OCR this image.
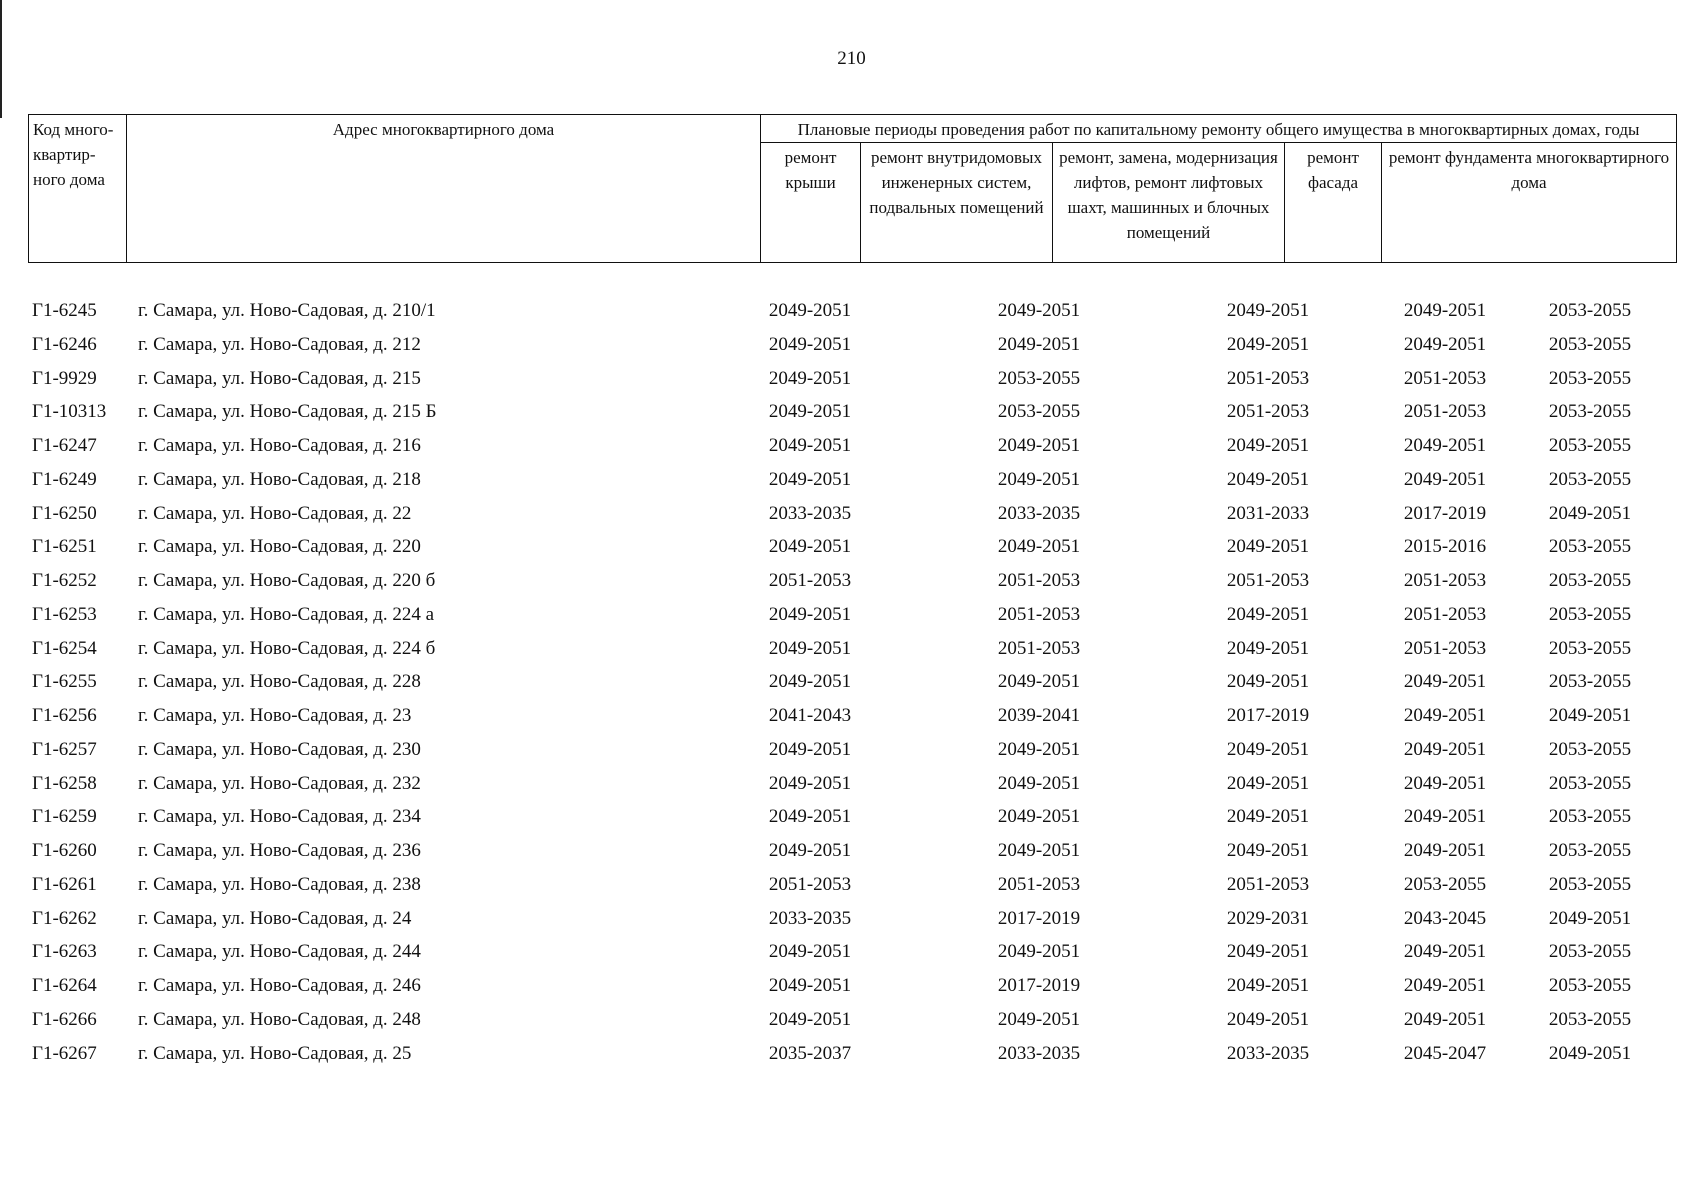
210
Код много-квартир-ного дома	Адрес многоквартирного дома	Плановые периоды проведения работ по капитальному ремонту общего имущества в многоквартирных домах, годы				
		ремонт крыши	ремонт внутридомовых инженерных систем, подвальных помещений	ремонт, замена, модернизация лифтов, ремонт лифтовых шахт, машинных и блочных помещений	ремонт фасада	ремонт фундамента многоквартирного дома
Г1-6245 г. Самара, ул. Ново-Садовая, д. 210/1	2049-2051	2049-2051	2049-2051	2049-2051	2053-2055
Г1-6246 г. Самара, ул. Ново-Садовая, д. 212	2049-2051	2049-2051	2049-2051	2049-2051	2053-2055
Г1-9929 г. Самара, ул. Ново-Садовая, д. 215	2049-2051	2053-2055	2051-2053	2051-2053	2053-2055
Г1-10313 г. Самара, ул. Ново-Садовая, д. 215 Б	2049-2051	2053-2055	2051-2053	2051-2053	2053-2055
Г1-6247 г. Самара, ул. Ново-Садовая, д. 216	2049-2051	2049-2051	2049-2051	2049-2051	2053-2055
Г1-6249 г. Самара, ул. Ново-Садовая, д. 218	2049-2051	2049-2051	2049-2051	2049-2051	2053-2055
Г1-6250 г. Самара, ул. Ново-Садовая, д. 22	2033-2035	2033-2035	2031-2033	2017-2019	2049-2051
Г1-6251 г. Самара, ул. Ново-Садовая, д. 220	2049-2051	2049-2051	2049-2051	2015-2016	2053-2055
Г1-6252 г. Самара, ул. Ново-Садовая, д. 220 б	2051-2053	2051-2053	2051-2053	2051-2053	2053-2055
Г1-6253 г. Самара, ул. Ново-Садовая, д. 224 а	2049-2051	2051-2053	2049-2051	2051-2053	2053-2055
Г1-6254 г. Самара, ул. Ново-Садовая, д. 224 б	2049-2051	2051-2053	2049-2051	2051-2053	2053-2055
Г1-6255 г. Самара, ул. Ново-Садовая, д. 228	2049-2051	2049-2051	2049-2051	2049-2051	2053-2055
Г1-6256 г. Самара, ул. Ново-Садовая, д. 23	2041-2043	2039-2041	2017-2019	2049-2051	2049-2051
Г1-6257 г. Самара, ул. Ново-Садовая, д. 230	2049-2051	2049-2051	2049-2051	2049-2051	2053-2055
Г1-6258 г. Самара, ул. Ново-Садовая, д. 232	2049-2051	2049-2051	2049-2051	2049-2051	2053-2055
Г1-6259 г. Самара, ул. Ново-Садовая, д. 234	2049-2051	2049-2051	2049-2051	2049-2051	2053-2055
Г1-6260 г. Самара, ул. Ново-Садовая, д. 236	2049-2051	2049-2051	2049-2051	2049-2051	2053-2055
Г1-6261 г. Самара, ул. Ново-Садовая, д. 238	2051-2053	2051-2053	2051-2053	2053-2055	2053-2055
Г1-6262 г. Самара, ул. Ново-Садовая, д. 24	2033-2035	2017-2019	2029-2031	2043-2045	2049-2051
Г1-6263 г. Самара, ул. Ново-Садовая, д. 244	2049-2051	2049-2051	2049-2051	2049-2051	2053-2055
Г1-6264 г. Самара, ул. Ново-Садовая, д. 246	2049-2051	2017-2019	2049-2051	2049-2051	2053-2055
Г1-6266 г. Самара, ул. Ново-Садовая, д. 248	2049-2051	2049-2051	2049-2051	2049-2051	2053-2055
Г1-6267 г. Самара, ул. Ново-Садовая, д. 25	2035-2037	2033-2035	2033-2035	2045-2047	2049-2051
